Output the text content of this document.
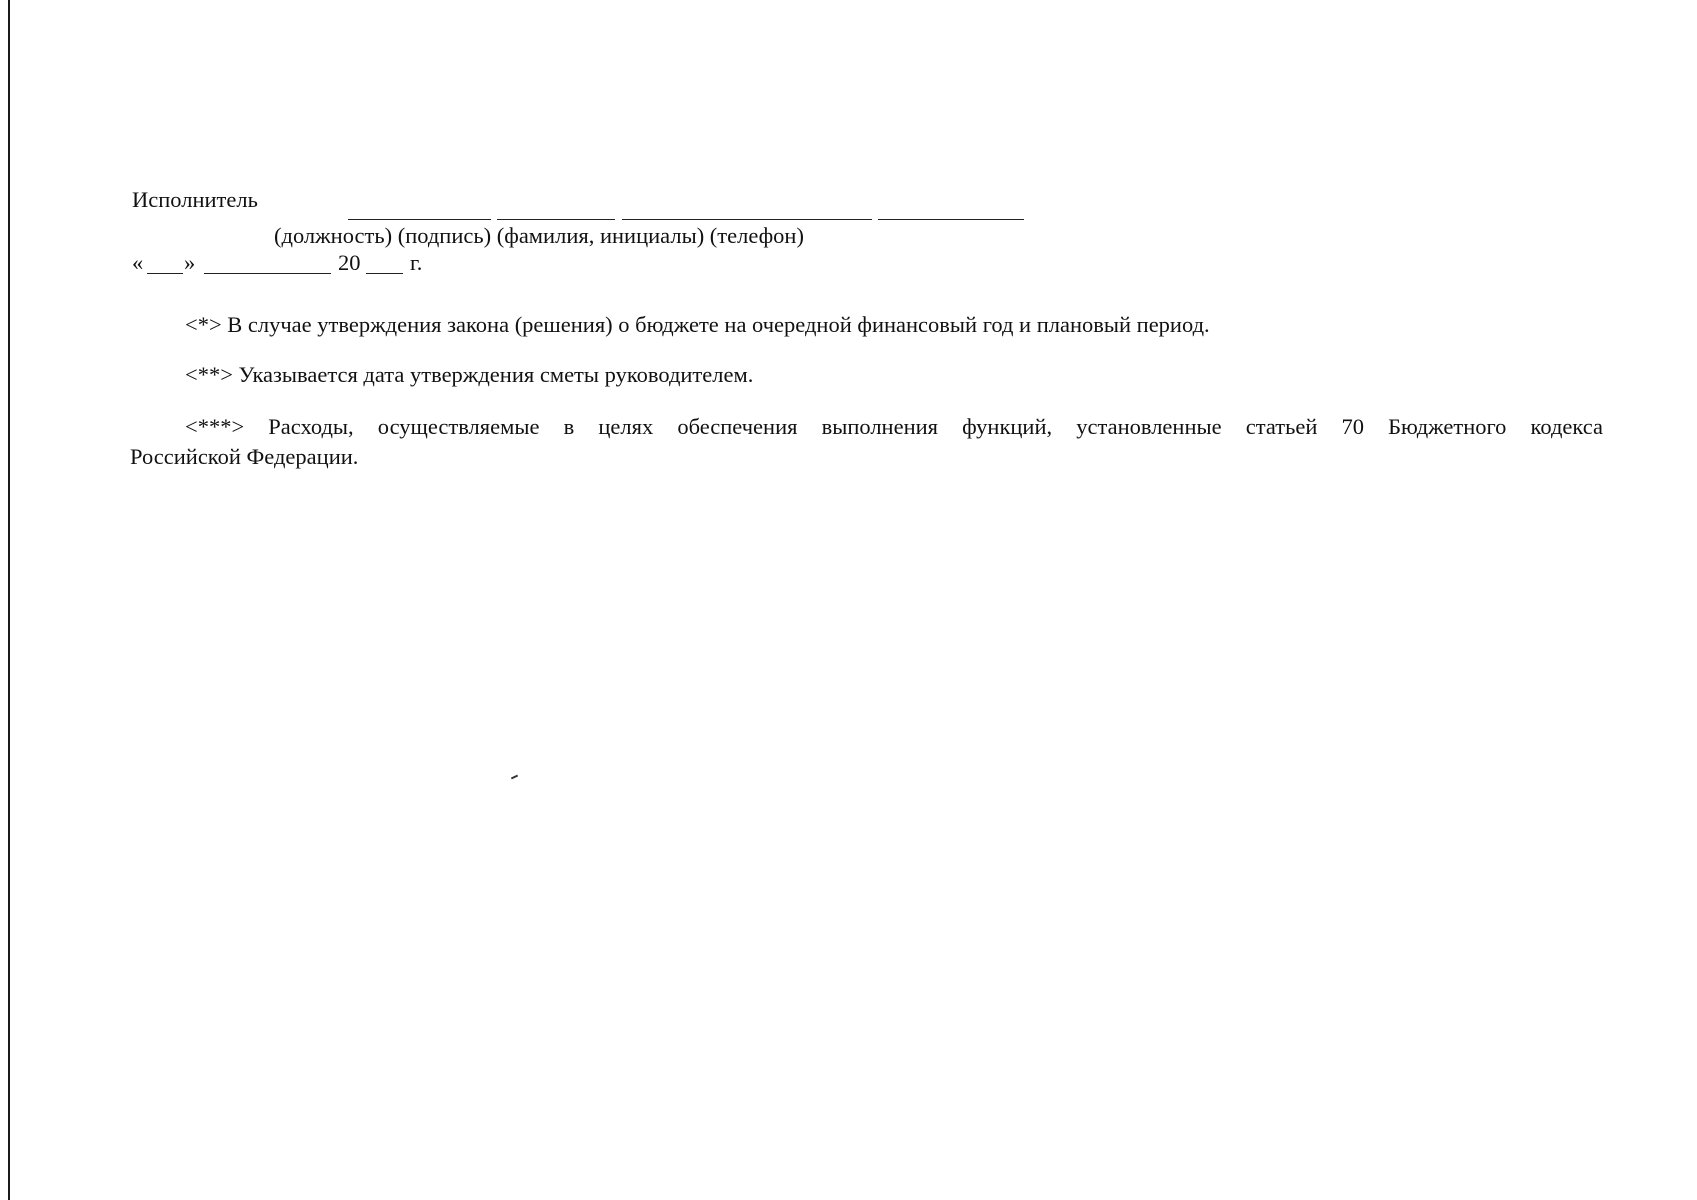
Исполнитель
(должность) (подпись) (фамилия, инициалы) (телефон)
« »	20 г.
<*> В случае утверждения закона (решения) о бюджете на очередной финансовый год и плановый период.
<**> Указывается дата утверждения сметы руководителем.
<***> Расходы, осуществляемые в целях обеспечения выполнения функций, установленные статьей 70 Бюджетного кодекса
Российской Федерации.
